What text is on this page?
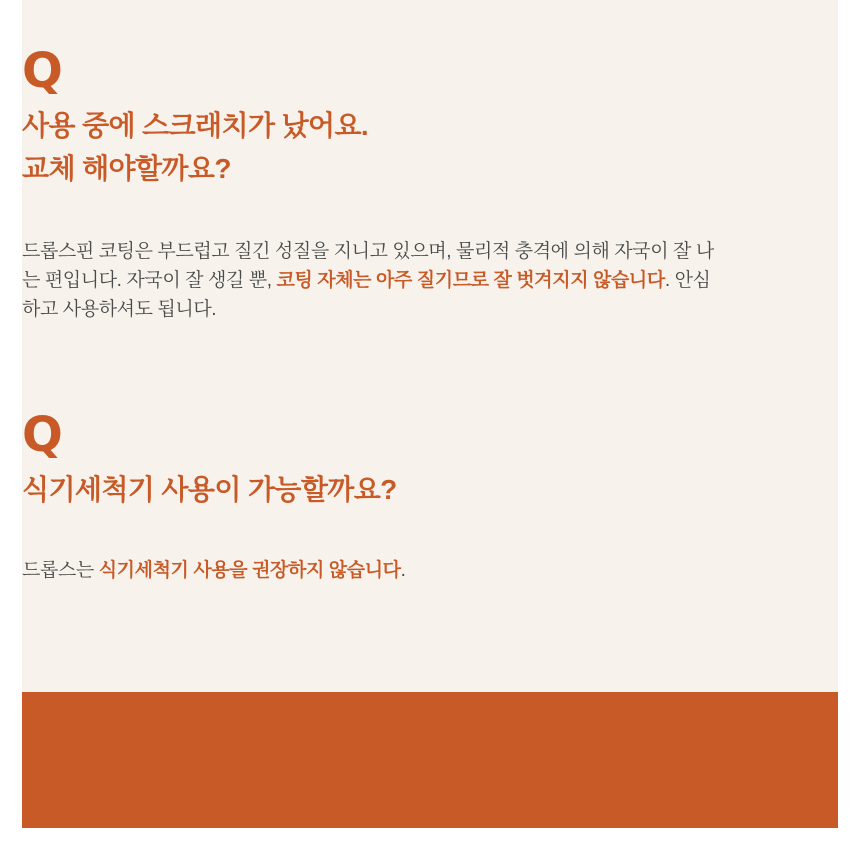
Q
사용 중에 스크래치가 났어요.
교체 해야할까요?

드롭스핀 코팅은 부드럽고 질긴 성질을 지니고 있으며, 물리적 충격에 의해 자국이 잘 나는 편입니다. 자국이 잘 생길 뿐, 코팅 자체는 아주 질기므로 잘 벗겨지지 않습니다. 안심하고 사용하셔도 됩니다.

Q
식기세척기 사용이 가능할까요?

드롭스는 식기세척기 사용을 권장하지 않습니다.
